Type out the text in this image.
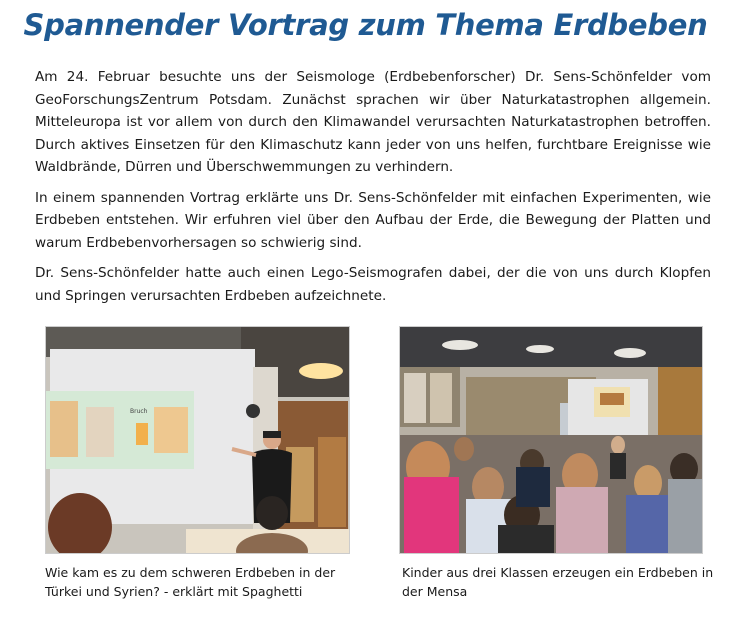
Spannender Vortrag zum Thema Erdbeben

Am 24. Februar besuchte uns der Seismologe (Erdbebenforscher) Dr. Sens-Schönfelder vom GeoForschungsZentrum Potsdam. Zunächst sprachen wir über Naturkatastrophen allgemein. Mitteleuropa ist vor allem von durch den Klimawandel verursachten Naturkatastrophen betroffen. Durch aktives Einsetzen für den Klimaschutz kann jeder von uns helfen, furchtbare Ereignisse wie Waldbrände, Dürren und Überschwemmungen zu verhindern.

In einem spannenden Vortrag erklärte uns Dr. Sens-Schönfelder mit einfachen Experimenten, wie Erdbeben entstehen. Wir erfuhren viel über den Aufbau der Erde, die Bewegung der Platten und warum Erdbebenvorhersagen so schwierig sind.

Dr. Sens-Schönfelder hatte auch einen Lego-Seismografen dabei, der die von uns durch Klopfen und Springen verursachten Erdbeben aufzeichnete.

Bruch
Wie kam es zu dem schweren Erdbeben in der Türkei und Syrien? - erklärt mit Spaghetti
Kinder aus drei Klassen erzeugen ein Erdbeben in der Mensa
